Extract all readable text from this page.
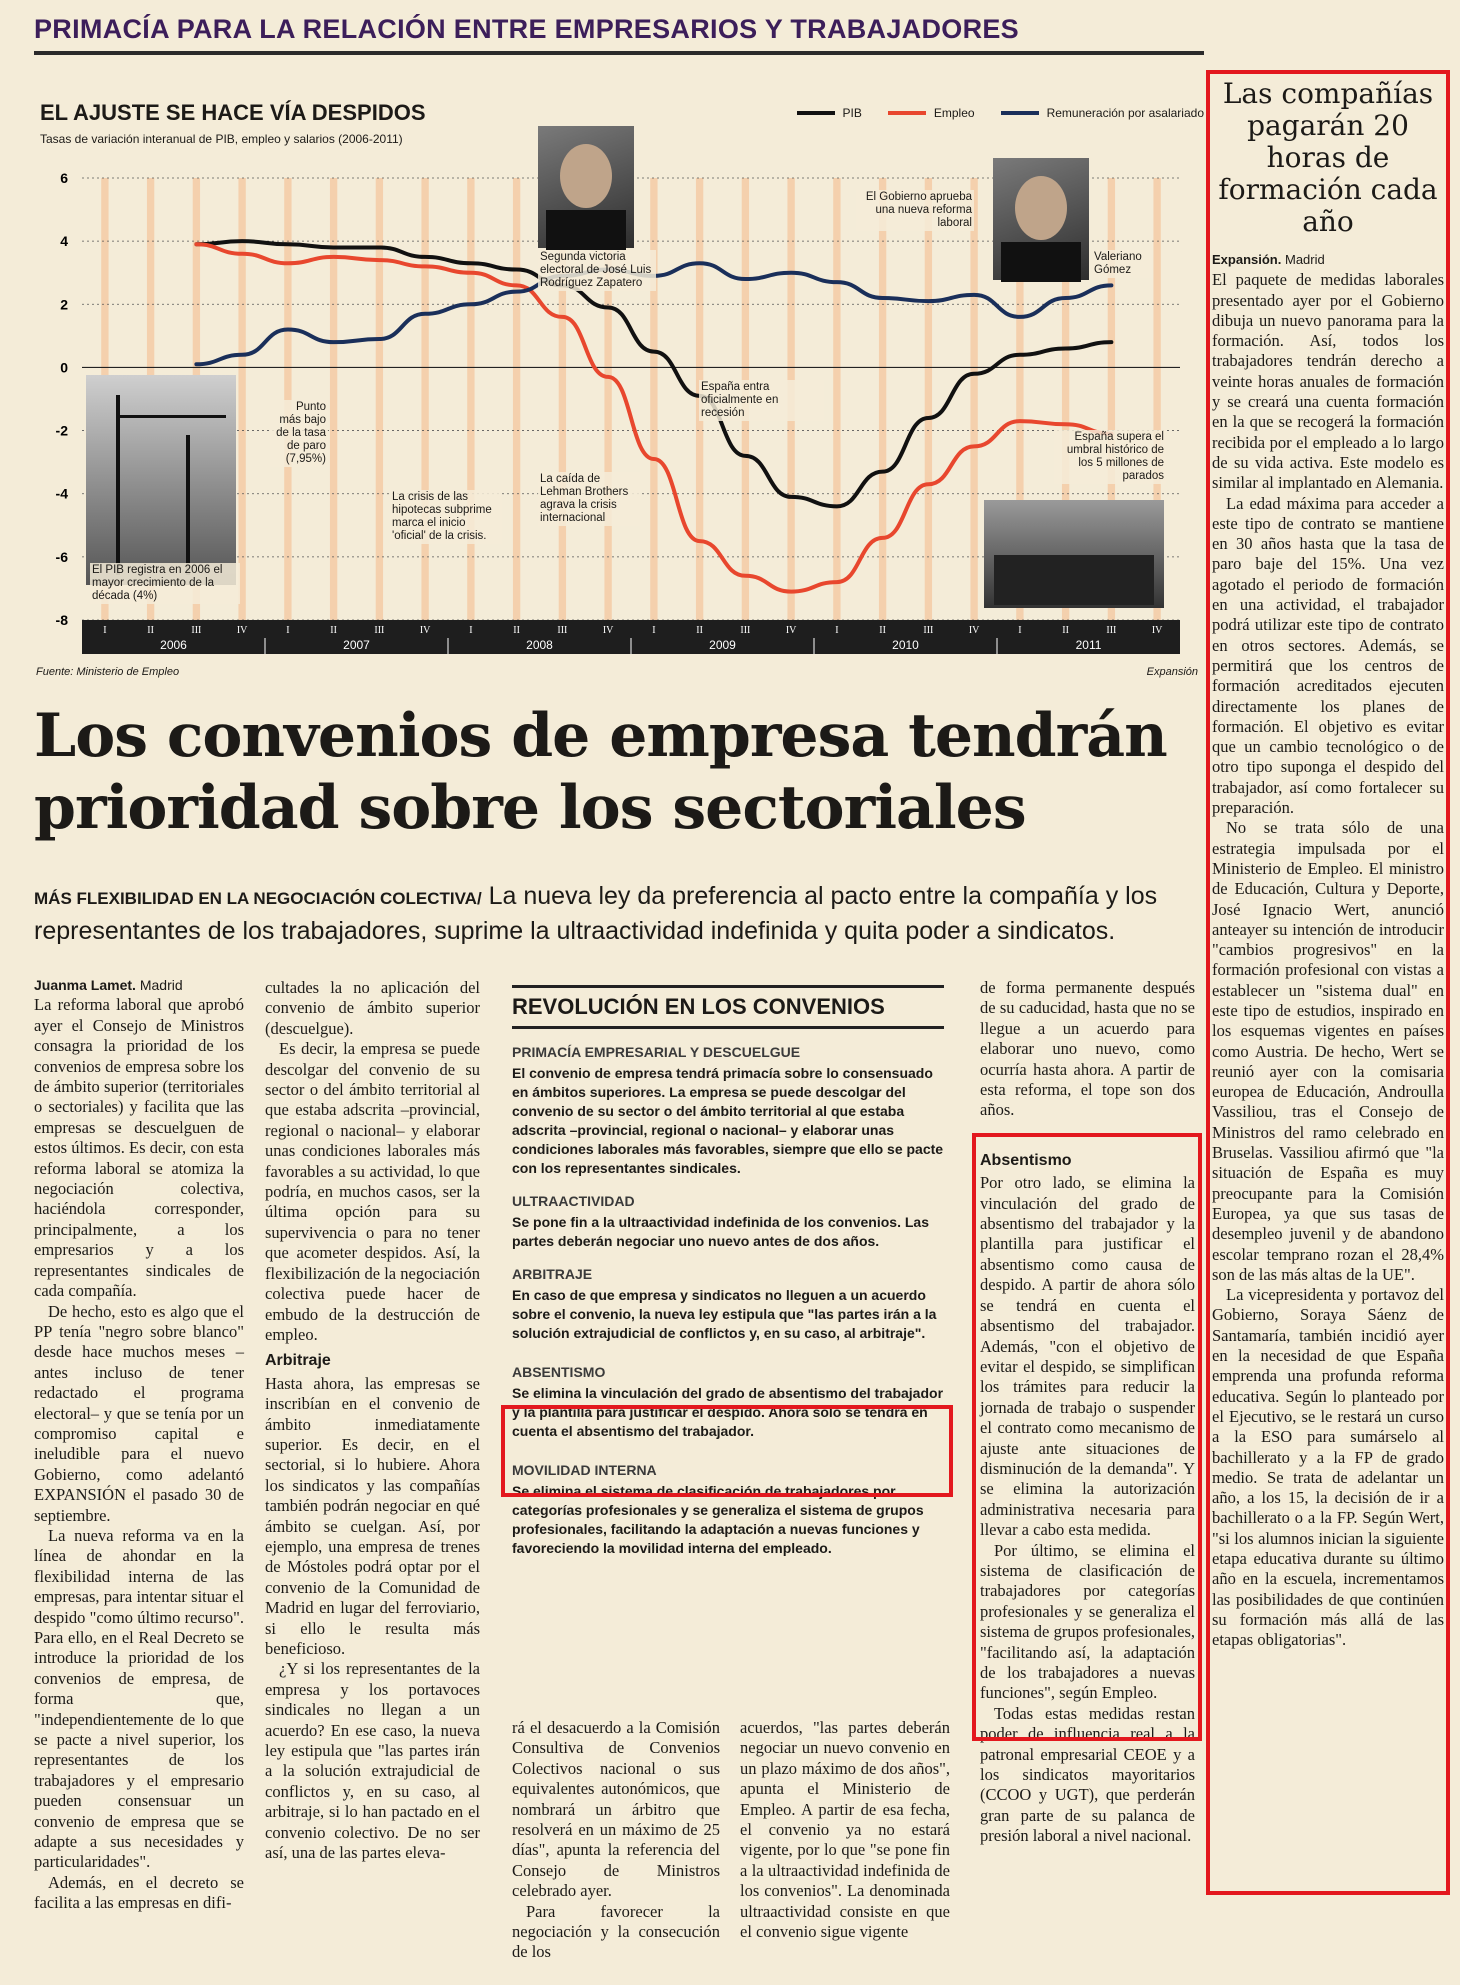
PRIMACÍA PARA LA RELACIÓN ENTRE EMPRESARIOS Y TRABAJADORES
6
4
2
0
-2
-4
-6
-8
I	II	III	IV
2006
I	II	III	IV
2007
I	II	III	IV
2008
I	II	III	IV
2009
I	II	III	IV
2010
I	II	III	IV
2011
EL AJUSTE SE HACE VÍA DESPIDOS
Tasas de variación interanual de PIB, empleo y salarios (2006-2011)
PIB	Empleo	Remuneración por asalariado
El PIB registra en 2006 el mayor crecimiento de la década (4%)
Punto más bajo de la tasa de paro (7,95%)
La crisis de las hipotecas subprime marca el inicio 'oficial' de la crisis.
Segunda victoria electoral de José Luis Rodríguez Zapatero
La caída de Lehman Brothers agrava la crisis internacional
España entra oficialmente en recesión
El Gobierno aprueba una nueva reforma laboral
Valeriano Gómez
España supera el umbral histórico de los 5 millones de parados
Fuente: Ministerio de Empleo	Expansión
Los convenios de empresa tendrán prioridad sobre los sectoriales
MÁS FLEXIBILIDAD EN LA NEGOCIACIÓN COLECTIVA/ La nueva ley da preferencia al pacto entre la compañía y los representantes de los trabajadores, suprime la ultraactividad indefinida y quita poder a sindicatos.

Juanma Lamet. Madrid

La reforma laboral que aprobó ayer el Consejo de Ministros consagra la prioridad de los convenios de empresa sobre los de ámbito superior (territoriales o sectoriales) y facilita que las empresas se descuelguen de estos últimos. Es decir, con esta reforma laboral se atomiza la negociación colectiva, haciéndola corresponder, principalmente, a los empresarios y a los representantes sindicales de cada compañía.

De hecho, esto es algo que el PP tenía "negro sobre blanco" desde hace muchos meses –antes incluso de tener redactado el programa electoral– y que se tenía por un compromiso capital e ineludible para el nuevo Gobierno, como adelantó EXPANSIÓN el pasado 30 de septiembre.

La nueva reforma va en la línea de ahondar en la flexibilidad interna de las empresas, para intentar situar el despido "como último recurso". Para ello, en el Real Decreto se introduce la prioridad de los convenios de empresa, de forma que, "independientemente de lo que se pacte a nivel superior, los representantes de los trabajadores y el empresario pueden consensuar un convenio de empresa que se adapte a sus necesidades y particularidades".

Además, en el decreto se facilita a las empresas en difi-

cultades la no aplicación del convenio de ámbito superior (descuelgue).

Es decir, la empresa se puede descolgar del convenio de su sector o del ámbito territorial al que estaba adscrita –provincial, regional o nacional– y elaborar unas condiciones laborales más favorables a su actividad, lo que podría, en muchos casos, ser la última opción para su supervivencia o para no tener que acometer despidos. Así, la flexibilización de la negociación colectiva puede hacer de embudo de la destrucción de empleo.

Arbitraje

Hasta ahora, las empresas se inscribían en el convenio de ámbito inmediatamente superior. Es decir, en el sectorial, si lo hubiere. Ahora los sindicatos y las compañías también podrán negociar en qué ámbito se cuelgan. Así, por ejemplo, una empresa de trenes de Móstoles podrá optar por el convenio de la Comunidad de Madrid en lugar del ferroviario, si ello le resulta más beneficioso.

¿Y si los representantes de la empresa y los portavoces sindicales no llegan a un acuerdo? En ese caso, la nueva ley estipula que "las partes irán a la solución extrajudicial de conflictos y, en su caso, al arbitraje, si lo han pactado en el convenio colectivo. De no ser así, una de las partes eleva-

REVOLUCIÓN EN LOS CONVENIOS
PRIMACÍA EMPRESARIAL Y DESCUELGUE

El convenio de empresa tendrá primacía sobre lo consensuado en ámbitos superiores. La empresa se puede descolgar del convenio de su sector o del ámbito territorial al que estaba adscrita –provincial, regional o nacional– y elaborar unas condiciones laborales más favorables, siempre que ello se pacte con los representantes sindicales.

ULTRAACTIVIDAD

Se pone fin a la ultraactividad indefinida de los convenios. Las partes deberán negociar uno nuevo antes de dos años.

ARBITRAJE

En caso de que empresa y sindicatos no lleguen a un acuerdo sobre el convenio, la nueva ley estipula que "las partes irán a la solución extrajudicial de conflictos y, en su caso, al arbitraje".

ABSENTISMO

Se elimina la vinculación del grado de absentismo del trabajador y la plantilla para justificar el despido. Ahora sólo se tendrá en cuenta el absentismo del trabajador.

MOVILIDAD INTERNA

Se elimina el sistema de clasificación de trabajadores por categorías profesionales y se generaliza el sistema de grupos profesionales, facilitando la adaptación a nuevas funciones y favoreciendo la movilidad interna del empleado.

rá el desacuerdo a la Comisión Consultiva de Convenios Colectivos nacional o sus equivalentes autonómicos, que nombrará un árbitro que resolverá en un máximo de 25 días", apunta la referencia del Consejo de Ministros celebrado ayer.

Para favorecer la negociación y la consecución de los

acuerdos, "las partes deberán negociar un nuevo convenio en un plazo máximo de dos años", apunta el Ministerio de Empleo. A partir de esa fecha, el convenio ya no estará vigente, por lo que "se pone fin a la ultraactividad indefinida de los convenios". La denominada ultraactividad consiste en que el convenio sigue vigente

de forma permanente después de su caducidad, hasta que no se llegue a un acuerdo para elaborar uno nuevo, como ocurría hasta ahora. A partir de esta reforma, el tope son dos años.

Absentismo

Por otro lado, se elimina la vinculación del grado de absentismo del trabajador y la plantilla para justificar el absentismo como causa de despido. A partir de ahora sólo se tendrá en cuenta el absentismo del trabajador. Además, "con el objetivo de evitar el despido, se simplifican los trámites para reducir la jornada de trabajo o suspender el contrato como mecanismo de ajuste ante situaciones de disminución de la demanda". Y se elimina la autorización administrativa necesaria para llevar a cabo esta medida.

Por último, se elimina el sistema de clasificación de trabajadores por categorías profesionales y se generaliza el sistema de grupos profesionales, "facilitando así, la adaptación de los trabajadores a nuevas funciones", según Empleo.

Todas estas medidas restan poder de influencia real a la patronal empresarial CEOE y a los sindicatos mayoritarios (CCOO y UGT), que perderán gran parte de su palanca de presión laboral a nivel nacional.

Las compañías pagarán 20 horas de formación cada año

Expansión. Madrid

El paquete de medidas laborales presentado ayer por el Gobierno dibuja un nuevo panorama para la formación. Así, todos los trabajadores tendrán derecho a veinte horas anuales de formación y se creará una cuenta formación en la que se recogerá la formación recibida por el empleado a lo largo de su vida activa. Este modelo es similar al implantado en Alemania.

La edad máxima para acceder a este tipo de contrato se mantiene en 30 años hasta que la tasa de paro baje del 15%. Una vez agotado el periodo de formación en una actividad, el trabajador podrá utilizar este tipo de contrato en otros sectores. Además, se permitirá que los centros de formación acreditados ejecuten directamente los planes de formación. El objetivo es evitar que un cambio tecnológico o de otro tipo suponga el despido del trabajador, así como fortalecer su preparación.

No se trata sólo de una estrategia impulsada por el Ministerio de Empleo. El ministro de Educación, Cultura y Deporte, José Ignacio Wert, anunció anteayer su intención de introducir "cambios progresivos" en la formación profesional con vistas a establecer un "sistema dual" en este tipo de estudios, inspirado en los esquemas vigentes en países como Austria. De hecho, Wert se reunió ayer con la comisaria europea de Educación, Androulla Vassiliou, tras el Consejo de Ministros del ramo celebrado en Bruselas. Vassiliou afirmó que "la situación de España es muy preocupante para la Comisión Europea, ya que sus tasas de desempleo juvenil y de abandono escolar temprano rozan el 28,4% son de las más altas de la UE".

La vicepresidenta y portavoz del Gobierno, Soraya Sáenz de Santamaría, también incidió ayer en la necesidad de que España emprenda una profunda reforma educativa. Según lo planteado por el Ejecutivo, se le restará un curso a la ESO para sumárselo al bachillerato y a la FP de grado medio. Se trata de adelantar un año, a los 15, la decisión de ir a bachillerato o a la FP. Según Wert, "si los alumnos inician la siguiente etapa educativa durante su último año en la escuela, incrementamos las posibilidades de que continúen su formación más allá de las etapas obligatorias".
